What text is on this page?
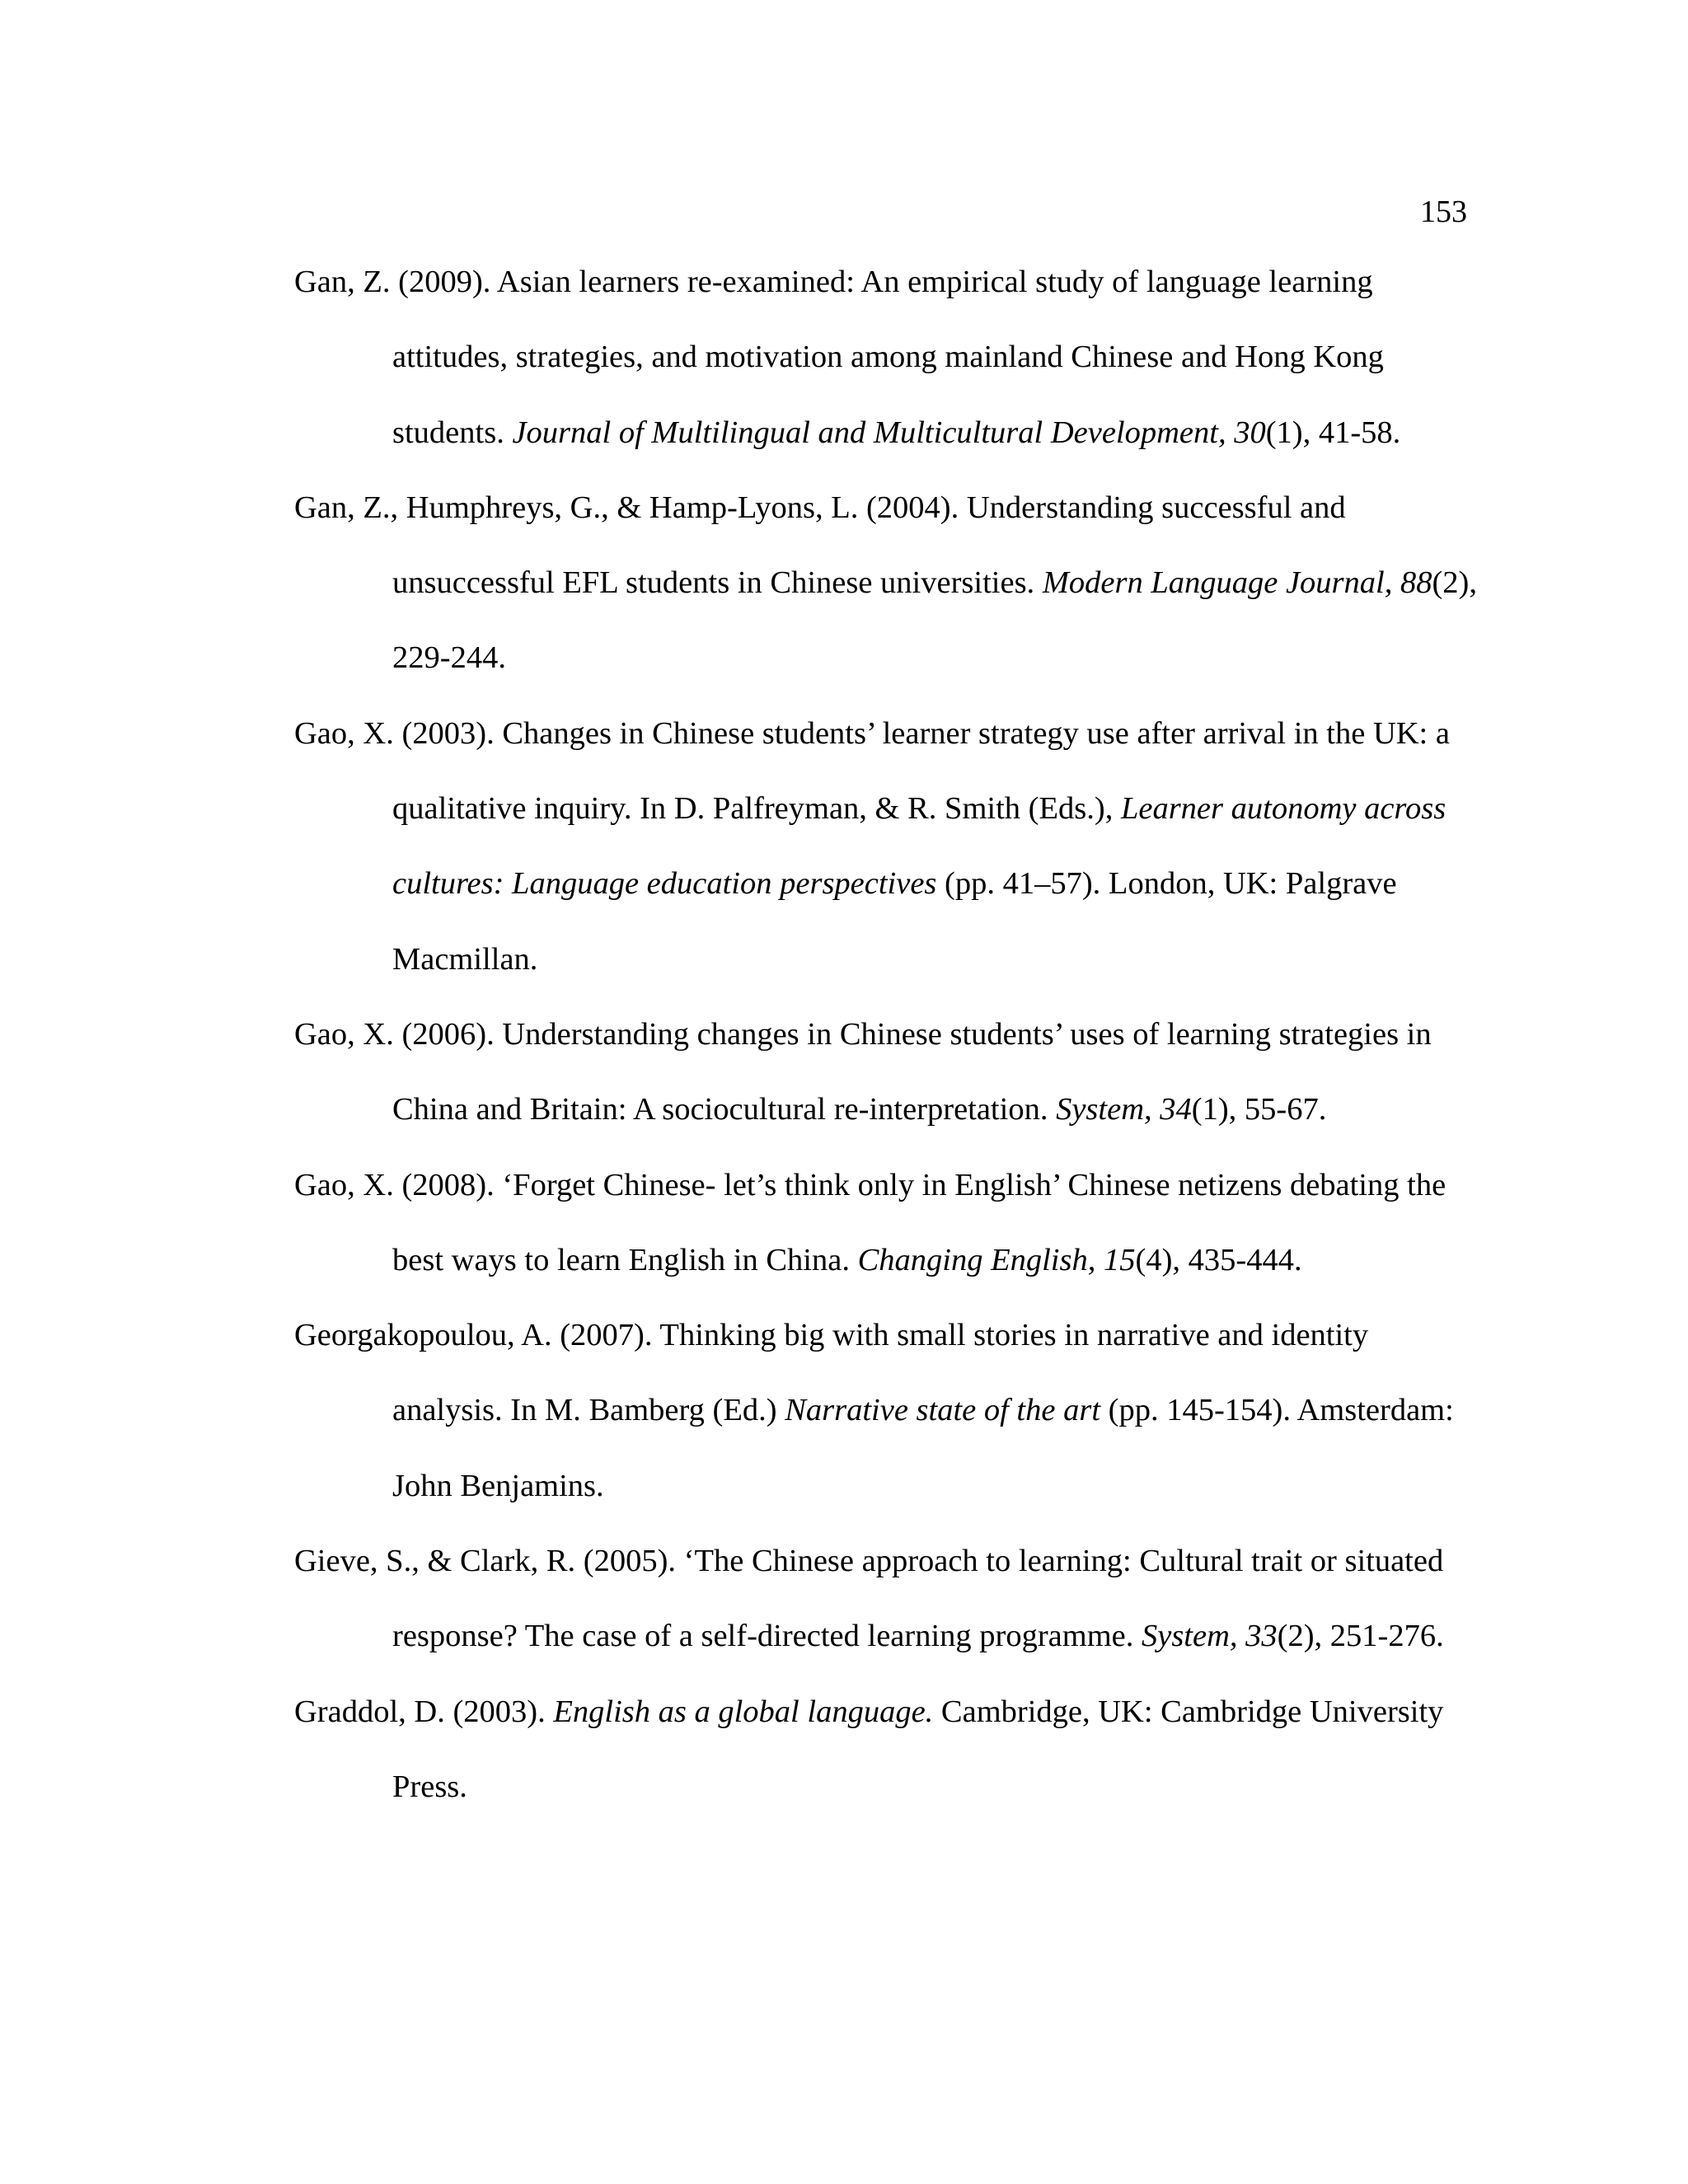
153

Gan, Z. (2009). Asian learners re-examined: An empirical study of language learning attitudes, strategies, and motivation among mainland Chinese and Hong Kong students. Journal of Multilingual and Multicultural Development, 30(1), 41-58.

Gan, Z., Humphreys, G., & Hamp-Lyons, L. (2004). Understanding successful and unsuccessful EFL students in Chinese universities. Modern Language Journal, 88(2), 229-244.

Gao, X. (2003). Changes in Chinese students’ learner strategy use after arrival in the UK: a qualitative inquiry. In D. Palfreyman, & R. Smith (Eds.), Learner autonomy across cultures: Language education perspectives (pp. 41–57). London, UK: Palgrave Macmillan.

Gao, X. (2006). Understanding changes in Chinese students’ uses of learning strategies in China and Britain: A sociocultural re-interpretation. System, 34(1), 55-67.

Gao, X. (2008). ‘Forget Chinese- let’s think only in English’ Chinese netizens debating the best ways to learn English in China. Changing English, 15(4), 435-444.

Georgakopoulou, A. (2007). Thinking big with small stories in narrative and identity analysis. In M. Bamberg (Ed.) Narrative state of the art (pp. 145-154). Amsterdam: John Benjamins.

Gieve, S., & Clark, R. (2005). ‘The Chinese approach to learning: Cultural trait or situated response? The case of a self-directed learning programme. System, 33(2), 251-276.

Graddol, D. (2003). English as a global language. Cambridge, UK: Cambridge University Press.
